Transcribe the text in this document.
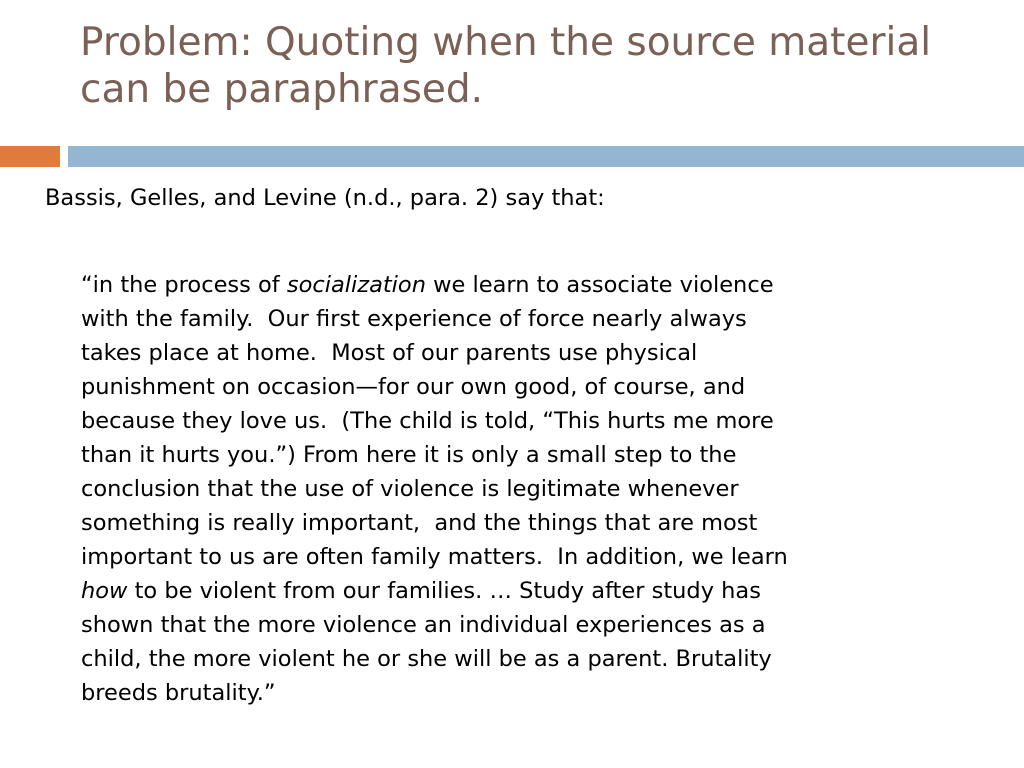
Problem: Quoting when the source material can be paraphrased.

Bassis, Gelles, and Levine (n.d., para. 2) say that:

“in the process of socialization we learn to associate violence
with the family.  Our first experience of force nearly always
takes place at home.  Most of our parents use physical
punishment on occasion—for our own good, of course, and
because they love us.  (The child is told, “This hurts me more
than it hurts you.”) From here it is only a small step to the
conclusion that the use of violence is legitimate whenever
something is really important,  and the things that are most
important to us are often family matters.  In addition, we learn
how to be violent from our families. … Study after study has
shown that the more violence an individual experiences as a
child, the more violent he or she will be as a parent. Brutality
breeds brutality.”
